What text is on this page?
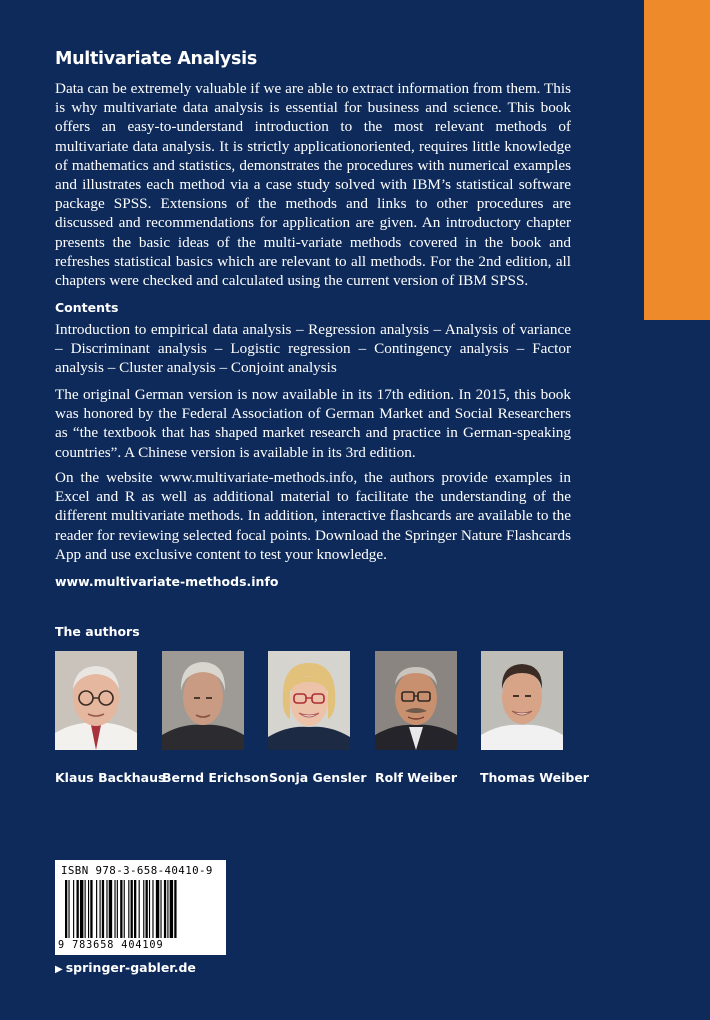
Multivariate Analysis

Data can be extremely valuable if we are able to extract information from them. This is why multivariate data analysis is essential for business and science. This book offers an easy-to-understand introduction to the most relevant methods of multivariate data analysis. It is strictly applicationoriented, requires little knowledge of mathematics and statistics, demonstrates the procedures with numerical examples and illustrates each method via a case study solved with IBM’s statistical software package SPSS. Extensions of the methods and links to other procedures are discussed and recommendations for application are given. An introductory chapter presents the basic ideas of the multi-variate methods covered in the book and refreshes statistical basics which are relevant to all methods. For the 2nd edition, all chapters were checked and calculated using the current version of IBM SPSS.

Contents

Introduction to empirical data analysis – Regression analysis – Analysis of variance – Discriminant analysis – Logistic regression – Contingency analysis – Factor analysis – Cluster analysis – Conjoint analysis

The original German version is now available in its 17th edition. In 2015, this book was honored by the Federal Association of German Market and Social Researchers as “the textbook that has shaped market research and practice in German-speaking countries”. A Chinese version is available in its 3rd edition.

On the website www.multivariate-methods.info, the authors provide examples in Excel and R as well as additional material to facilitate the understanding of the different multivariate methods. In addition, interactive flashcards are available to the reader for reviewing selected focal points. Download the Springer Nature Flashcards App and use exclusive content to test your knowledge.

www.multivariate-methods.info
The authors
Klaus Backhaus
Bernd Erichson Sonja Gensler Rolf Weiber Thomas Weiber
ISBN 978-3-658-40410-9
9 783658 404109
▶ springer-gabler.de
